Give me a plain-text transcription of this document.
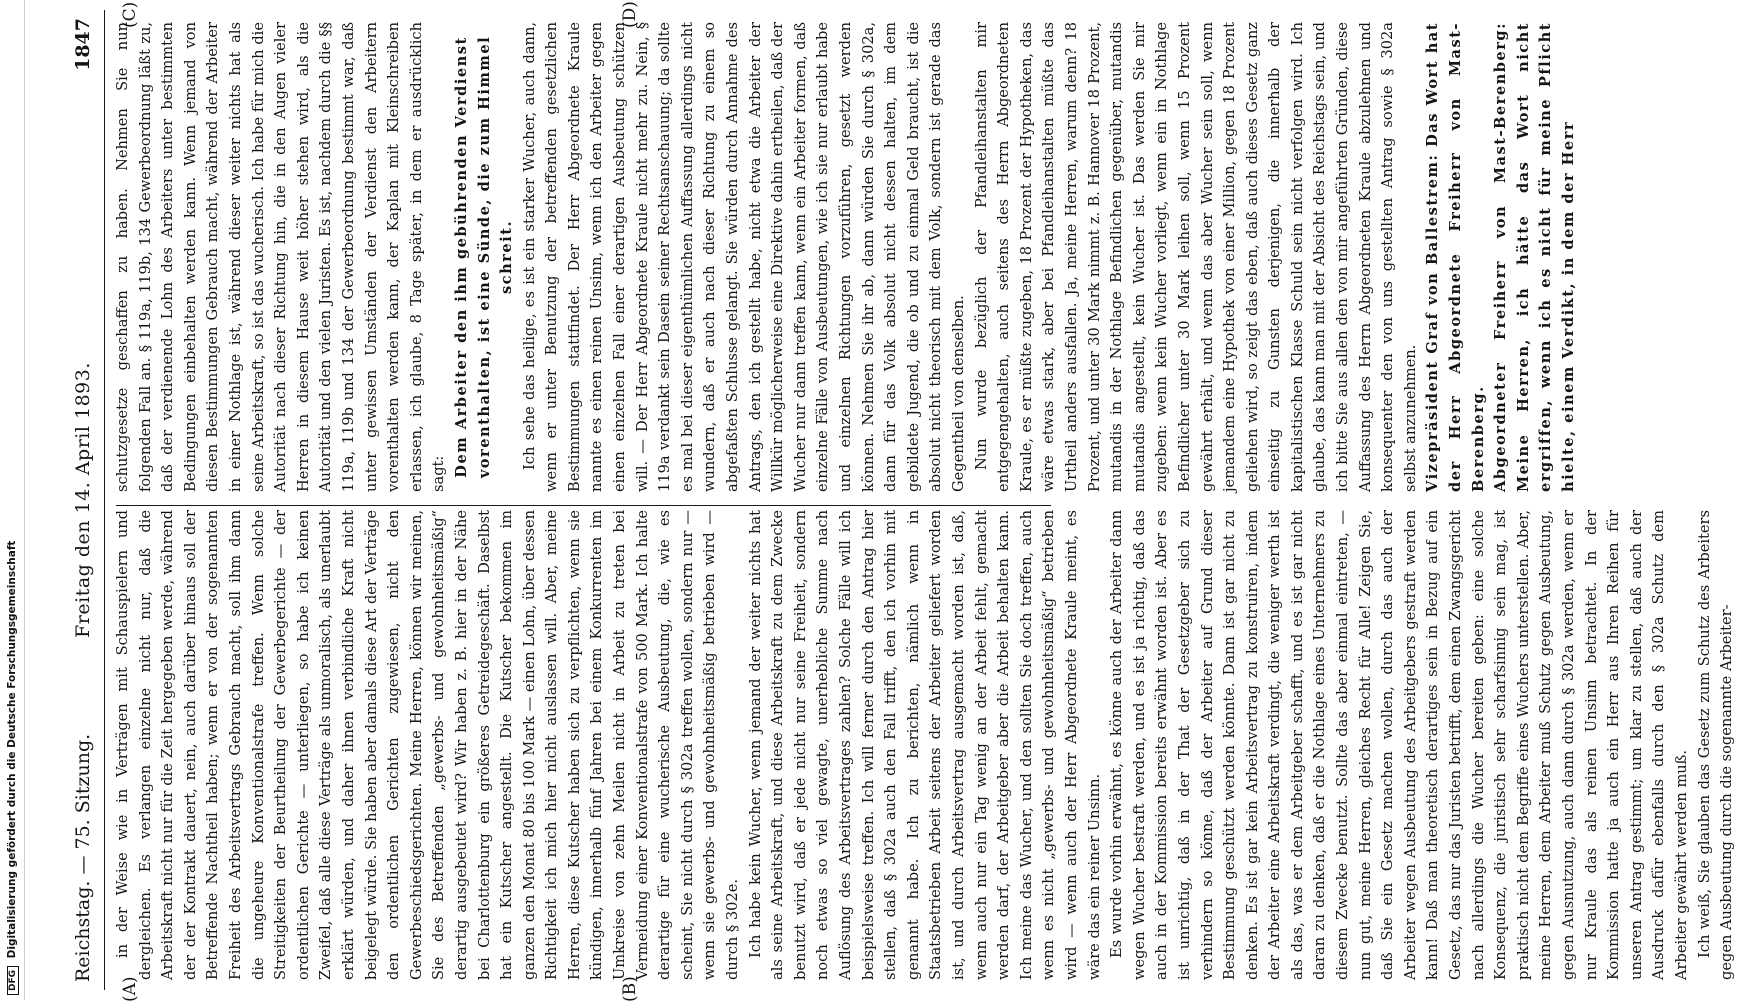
DFG Digitalisierung gefördert durch die Deutsche Forschungsgemeinschaft	Reichstag. — 75. Sitzung.
Freitag den 14. April 1893.
1847
(A)	(B)
(C)	(D)

in der Weise wie in Verträgen mit Schauspielern und dergleichen. Es verlangen einzelne nicht nur, daß die Arbeitskraft nicht nur für die Zeit hergegeben werde, während der der Kontrakt dauert, nein, auch darüber hinaus soll der Betreffende Nachtheil haben; wenn er von der sogenannten Freiheit des Arbeitsvertrags Gebrauch macht, soll ihm dann die ungeheure Konventionalstrafe treffen. Wenn solche Streitigkeiten der Beurtheilung der Gewerbegerichte — der ordentlichen Gerichte — unterliegen, so habe ich keinen Zweifel, daß alle diese Verträge als unmoralisch, als unerlaubt erklärt würden, und daher ihnen verbindliche Kraft nicht beigelegt würde. Sie haben aber damals diese Art der Verträge den ordentlichen Gerichten zugewiesen, nicht den Gewerbeschiedsgerichten. Meine Herren, können wir meinen, Sie des Betreffenden „gewerbs- und gewohnheitsmäßig“ derartig ausgebeutet wird? Wir haben z. B. hier in der Nähe bei Charlottenburg ein größeres Getreidegeschäft. Daselbst hat ein Kutscher angestellt. Die Kutscher bekommen im ganzen den Monat 80 bis 100 Mark — einen Lohn, über dessen Richtigkeit ich mich hier nicht auslassen will. Aber, meine Herren, diese Kutscher haben sich zu verpflichten, wenn sie kündigen, innerhalb fünf Jahren bei einem Konkurrenten im Umkreise von zehn Meilen nicht in Arbeit zu treten bei Vermeidung einer Konventionalstrafe von 500 Mark. Ich halte derartige für eine wucherische Ausbeutung, die, wie es scheint, Sie nicht durch § 302a treffen wollen, sondern nur — wenn sie gewerbs- und gewohnheitsmäßig betrieben wird — durch § 302e. Ich habe kein Wucher, wenn jemand der weiter nichts hat als seine Arbeitskraft, und diese Arbeitskraft zu dem Zwecke benutzt wird, daß er jede nicht nur seine Freiheit, sondern noch etwas so viel gewagte, unerhebliche Summe nach Auflösung des Arbeitsvertrages zahlen? Solche Fälle will ich beispielsweise treffen. Ich will ferner durch den Antrag hier stellen, daß § 302a auch den Fall trifft, den ich vorhin mit genannt habe. Ich zu berichten, nämlich wenn in Staatsbetrieben Arbeit seitens der Arbeiter geliefert worden ist, und durch Arbeitsvertrag ausgemacht worden ist, daß, wenn auch nur ein Tag wenig an der Arbeit fehlt, gemacht werden darf, der Arbeitgeber aber die Arbeit behalten kann. Ich meine das Wucher, und den sollten Sie doch treffen, auch wenn es nicht „gewerbs- und gewohnheitsmäßig“ betrieben wird — wenn auch der Herr Abgeordnete Kraule meint, es wäre das ein reiner Unsinn. Es wurde vorhin erwähnt, es könne auch der Arbeiter dann wegen Wucher bestraft werden, und es ist ja richtig, daß das auch in der Kommission bereits erwähnt worden ist. Aber es ist unrichtig, daß in der That der Gesetzgeber sich zu verhindern so könne, daß der Arbeiter auf Grund dieser Bestimmung geschützt werden könnte. Dann ist gar nicht zu denken. Es ist gar kein Arbeitsvertrag zu konstruiren, indem der Arbeiter eine Arbeitskraft verdingt, die weniger werth ist als das, was er dem Arbeitgeber schafft, und es ist gar nicht daran zu denken, daß er die Nothlage eines Unternehmers zu diesem Zwecke benutzt. Sollte das aber einmal eintreten, — nun gut, meine Herren, gleiches Recht für Alle! Zeigen Sie, daß Sie ein Gesetz machen wollen, durch das auch der Arbeiter wegen Ausbeutung des Arbeitgebers gestraft werden kann! Daß man theoretisch derartiges sein in Bezug auf ein Gesetz, das nur das Juristen betrifft, dem einen Zwangsgericht nach allerdings die Wucher bereiten geben: eine solche Konsequenz, die juristisch sehr scharfsinnig sein mag, ist praktisch nicht dem Begriffe eines Wuchers unterstellen. Aber, meine Herren, dem Arbeiter muß Schutz gegen Ausbeutung, gegen Ausnutzung, auch dann durch § 302a werden, wenn er nur Kraule das als reinen Unsinn betrachtet. In der Kommission hatte ja auch ein Herr aus Ihren Reihen für unseren Antrag gestimmt; um klar zu stellen, daß auch der Ausdruck dafür ebenfalls durch den § 302a Schutz dem Arbeiter gewährt werden muß. Ich weiß, Sie glauben das Gesetz zum Schutz des Arbeiters gegen Ausbeutung durch die sogenannte Arbeiter-

schutzgesetze geschaffen zu haben. Nehmen Sie nun folgenden Fall an. § 119a, 119b, 134 Gewerbeordnung läßt zu, daß der verdienende Lohn des Arbeiters unter bestimmten Bedingungen einbehalten werden kann. Wenn jemand von diesen Bestimmungen Gebrauch macht, während der Arbeiter in einer Nothlage ist, während dieser weiter nichts hat als seine Arbeitskraft, so ist das wucherisch. Ich habe für mich die Autorität nach dieser Richtung hin, die in den Augen vieler Herren in diesem Hause weit höher stehen wird, als die Autorität und den vielen Juristen. Es ist, nachdem durch die §§ 119a, 119b und 134 der Gewerbeordnung bestimmt war, daß unter gewissen Umständen der Verdienst den Arbeitern vorenthalten werden kann, der Kaplan mit Kleinschreiben erlassen, ich glaube, 8 Tage später, in dem er ausdrücklich sagt: Dem Arbeiter den ihm gebührenden Verdienst vorenthalten, ist eine Sünde, die zum Himmel schreit. Ich sehe das heilige, es ist ein starker Wucher, auch dann, wenn er unter Benutzung der betreffenden gesetzlichen Bestimmungen stattfindet. Der Herr Abgeordnete Kraule nannte es einen reinen Unsinn, wenn ich den Arbeiter gegen einen einzelnen Fall einer derartigen Ausbeutung schützen will. — Der Herr Abgeordnete Kraule nicht mehr zu. Nein, § 119a verdankt sein Dasein seiner Rechtsanschauung; da sollte es mal bei dieser eigenthümlichen Auffassung allerdings nicht wundern, daß er auch nach dieser Richtung zu einem so abgefaßten Schlusse gelangt. Sie würden durch Annahme des Antrags, den ich gestellt habe, nicht etwa die Arbeiter der Willkür möglicherweise eine Direktive dahin ertheilen, daß der Wucher nur dann treffen kann, wenn ein Arbeiter formen, daß einzelne Fälle von Ausbeutungen, wie ich sie nur erlaubt habe und einzelnen Richtungen vorzuführen, gesetzt werden können. Nehmen Sie ihr ab, dann würden Sie durch § 302a, dann für das Volk absolut nicht dessen halten, im dem gebildete Jugend, die ob und zu einmal Geld braucht, ist die absolut nicht theorisch mit dem Volk, sondern ist gerade das Gegentheil von denselben. Nun wurde bezüglich der Pfandleihanstalten mir entgegengehalten, auch seitens des Herrn Abgeordneten Kraule, es er müßte zugeben, 18 Prozent der Hypotheken, das wäre etwas stark, aber bei Pfandleihanstalten müßte das Urtheil anders ausfallen. Ja, meine Herren, warum denn? 18 Prozent, und unter 30 Mark nimmt z. B. Hannover 18 Prozent, mutandis in der Nothlage Befindlichen gegenüber, mutandis mutandis angestellt, kein Wucher ist. Das werden Sie mir zugeben: wenn kein Wucher vorliegt, wenn ein in Nothlage Befindlicher unter 30 Mark leihen soll, wenn 15 Prozent gewährt erhält, und wenn das aber Wucher sein soll, wenn jemandem eine Hypothek von einer Million, gegen 18 Prozent geliehen wird, so zeigt das eben, daß auch dieses Gesetz ganz einseitig zu Gunsten derjenigen, die innerhalb der kapitalistischen Klasse Schuld sein nicht verfolgen wird. Ich glaube, das kann man mit der Absicht des Reichstags sein, und ich bitte Sie aus allen den von mir angeführten Gründen, diese Auffassung des Herrn Abgeordneten Kraule abzulehnen und konsequenter den von uns gestellten Antrag sowie § 302a selbst anzunehmen. Vizepräsident Graf von Ballestrem: Das Wort hat der Herr Abgeordnete Freiherr von Mast-Berenberg. Abgeordneter Freiherr von Mast-Berenberg: Meine Herren, ich hätte das Wort nicht ergriffen, wenn ich es nicht für meine Pflicht hielte, einem Verdikt, in dem der Herr
